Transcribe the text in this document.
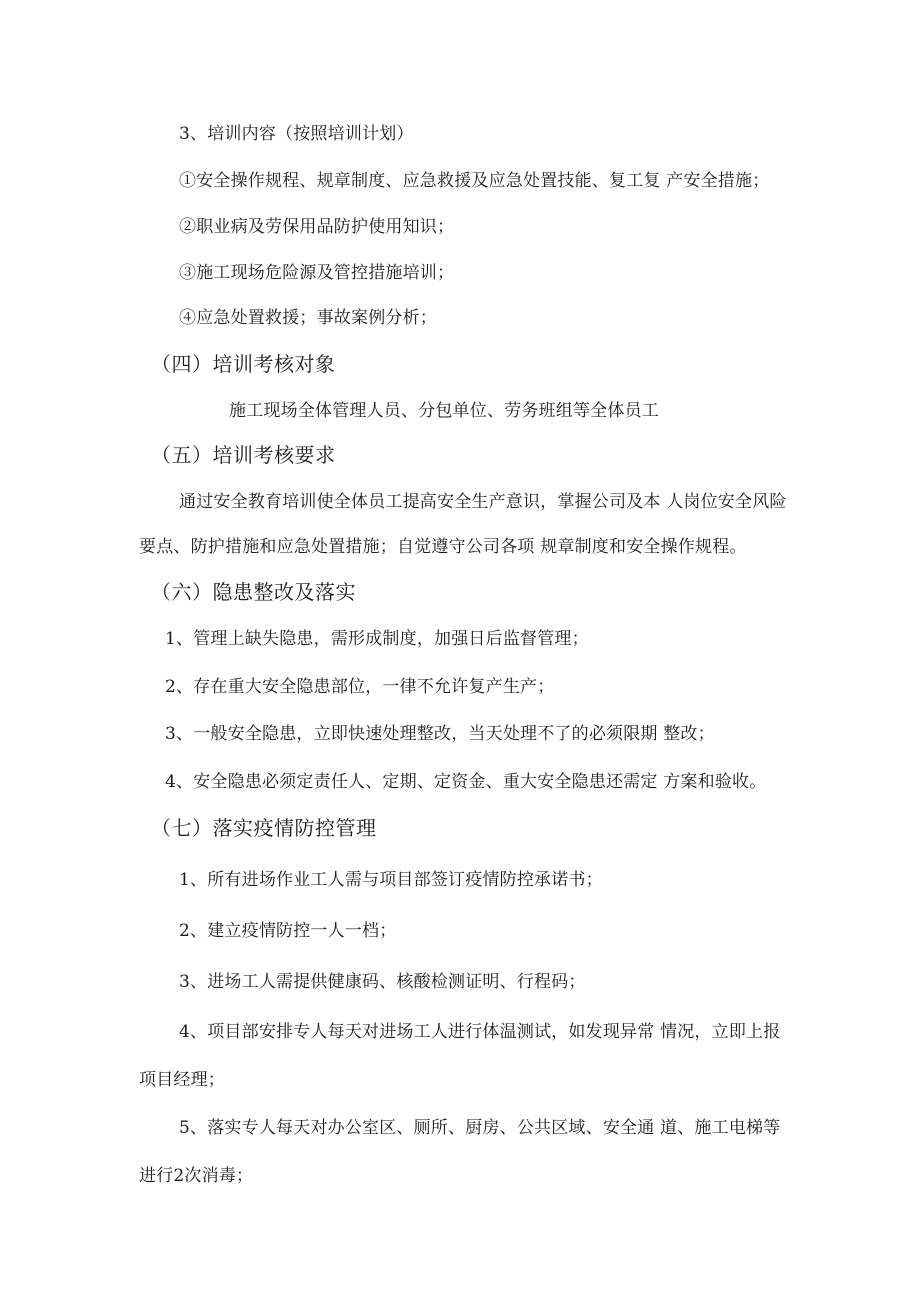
3、培训内容（按照培训计划）
①安全操作规程、规章制度、应急救援及应急处置技能、复工复 产安全措施；
②职业病及劳保用品防护使用知识；
③施工现场危险源及管控措施培训；
④应急处置救援；事故案例分析；
（四）培训考核对象
施工现场全体管理人员、分包单位、劳务班组等全体员工
（五）培训考核要求
通过安全教育培训使全体员工提高安全生产意识，掌握公司及本 人岗位安全风险
要点、防护措施和应急处置措施；自觉遵守公司各项 规章制度和安全操作规程。
（六）隐患整改及落实
1、管理上缺失隐患，需形成制度，加强日后监督管理；
2、存在重大安全隐患部位，一律不允许复产生产；
3、一般安全隐患，立即快速处理整改，当天处理不了的必须限期 整改；
4、安全隐患必须定责任人、定期、定资金、重大安全隐患还需定 方案和验收。
（七）落实疫情防控管理
1、所有进场作业工人需与项目部签订疫情防控承诺书；
2、建立疫情防控一人一档；
3、进场工人需提供健康码、核酸检测证明、行程码；
4、项目部安排专人每天对进场工人进行体温测试，如发现异常 情况，立即上报
项目经理；
5、落实专人每天对办公室区、厕所、厨房、公共区域、安全通 道、施工电梯等
进行2次消毒；
